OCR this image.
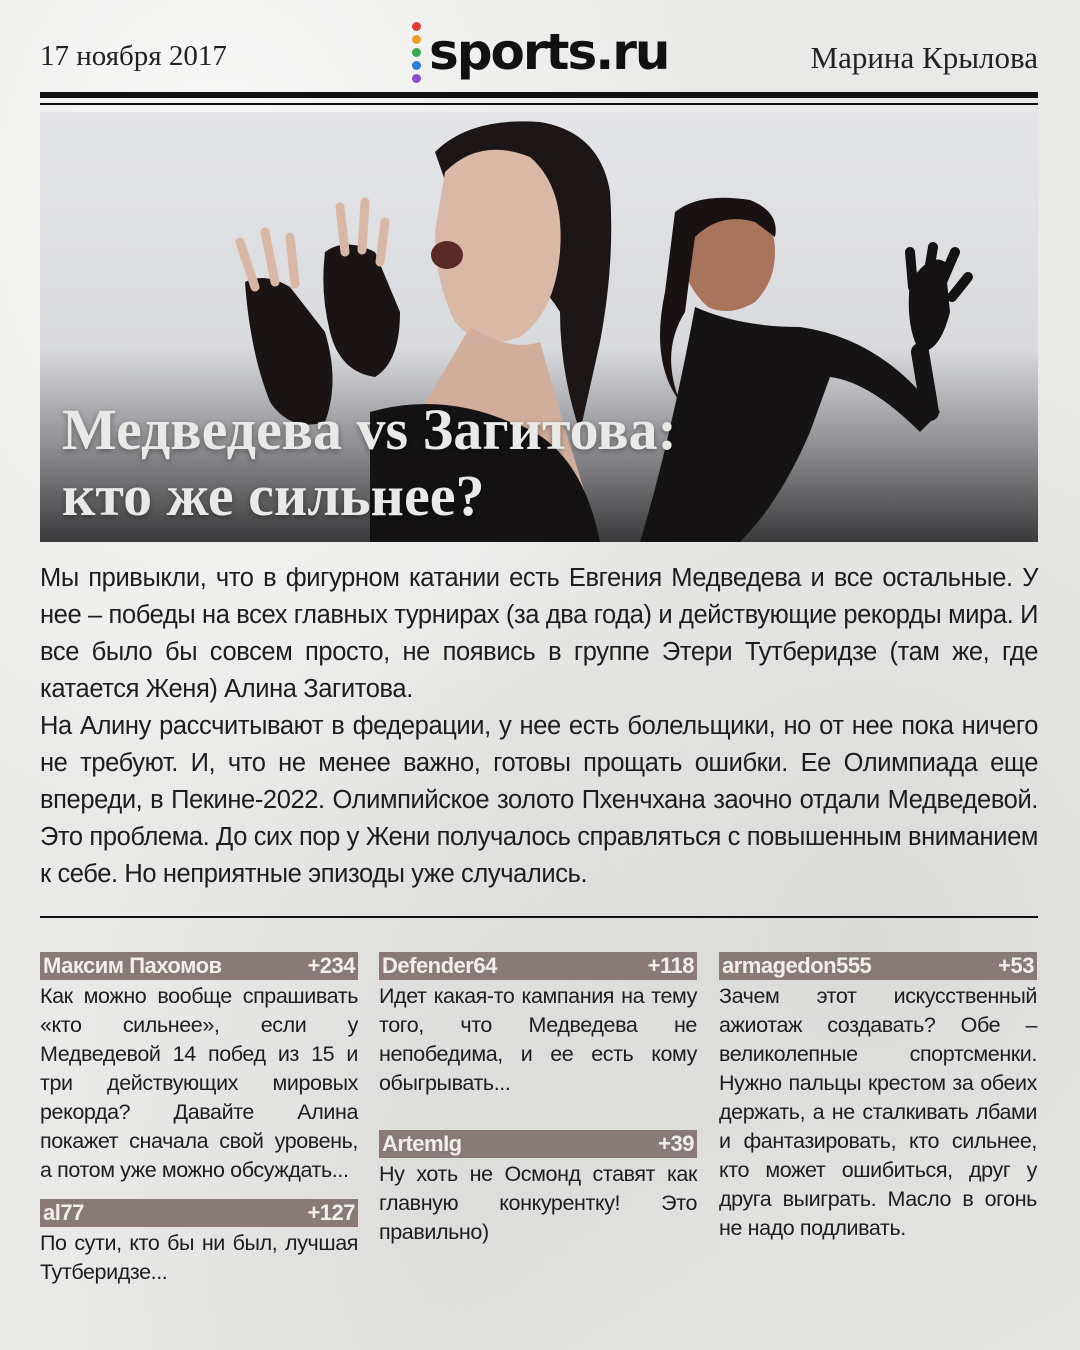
17 ноября 2017	sports.ru	Марина Крылова
Медведева vs Загитова:
кто же сильнее?

Мы привыкли, что в фигурном катании есть Евгения Медведева и все остальные. У нее – победы на всех главных турнирах (за два года) и действующие рекорды мира. И все было бы совсем просто, не появись в группе Этери Тутберидзе (там же, где катается Женя) Алина Загитова.

На Алину рассчитывают в федерации, у нее есть болельщики, но от нее пока ничего не требуют. И, что не менее важно, готовы прощать ошибки. Ее Олимпиада еще впереди, в Пекине-2022. Олимпийское золото Пхенчхана заочно отдали Медведевой. Это проблема. До сих пор у Жени получалось справляться с повышенным вниманием к себе. Но неприятные эпизоды уже случались.

Максим Пахомов	+234
Как можно вообще спрашивать «кто сильнее», если у Медведевой 14 побед из 15 и три действующих мировых рекорда? Давайте Алина покажет сначала свой уровень, а потом уже можно обсуждать...
al77	+127
По сути, кто бы ни был, лучшая Тутберидзе...
Defender64	+118
Идет какая-то кампания на тему того, что Медведева не непобедима, и ее есть кому обыгрывать...
ArtemIg	+39
Ну хоть не Осмонд ставят как главную конкурентку! Это правильно)
armagedon555	+53
Зачем этот искусственный ажиотаж создавать? Обе – великолепные спортсменки. Нужно пальцы крестом за обеих держать, а не сталкивать лбами и фантазировать, кто сильнее, кто может ошибиться, друг у друга выиграть. Масло в огонь не надо подливать.
